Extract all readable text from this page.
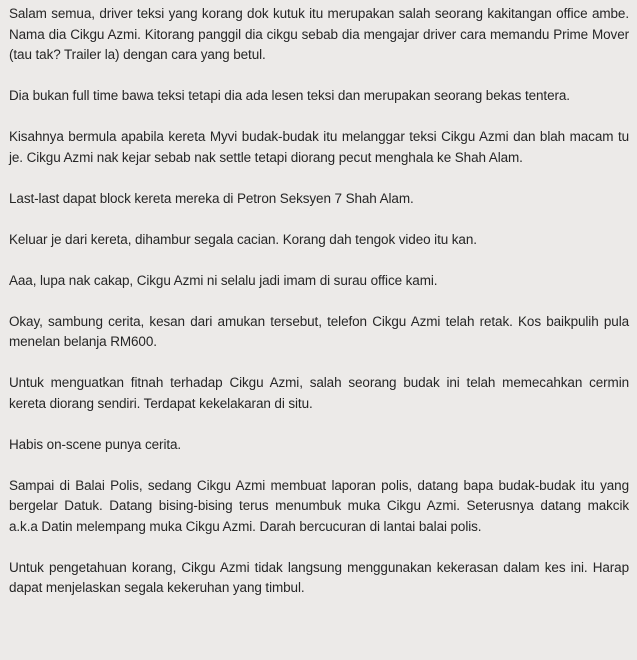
Salam semua, driver teksi yang korang dok kutuk itu merupakan salah seorang kakitangan office ambe. Nama dia Cikgu Azmi. Kitorang panggil dia cikgu sebab dia mengajar driver cara memandu Prime Mover (tau tak? Trailer la) dengan cara yang betul.

Dia bukan full time bawa teksi tetapi dia ada lesen teksi dan merupakan seorang bekas tentera.

Kisahnya bermula apabila kereta Myvi budak-budak itu melanggar teksi Cikgu Azmi dan blah macam tu je. Cikgu Azmi nak kejar sebab nak settle tetapi diorang pecut menghala ke Shah Alam.

Last-last dapat block kereta mereka di Petron Seksyen 7 Shah Alam.

Keluar je dari kereta, dihambur segala cacian. Korang dah tengok video itu kan.

Aaa, lupa nak cakap, Cikgu Azmi ni selalu jadi imam di surau office kami.

Okay, sambung cerita, kesan dari amukan tersebut, telefon Cikgu Azmi telah retak. Kos baikpulih pula menelan belanja RM600.

Untuk menguatkan fitnah terhadap Cikgu Azmi, salah seorang budak ini telah memecahkan cermin kereta diorang sendiri. Terdapat kekelakaran di situ.

Habis on-scene punya cerita.

Sampai di Balai Polis, sedang Cikgu Azmi membuat laporan polis, datang bapa budak-budak itu yang bergelar Datuk. Datang bising-bising terus menumbuk muka Cikgu Azmi. Seterusnya datang makcik a.k.a Datin melempang muka Cikgu Azmi. Darah bercucuran di lantai balai polis.

Untuk pengetahuan korang, Cikgu Azmi tidak langsung menggunakan kekerasan dalam kes ini. Harap dapat menjelaskan segala kekeruhan yang timbul.
